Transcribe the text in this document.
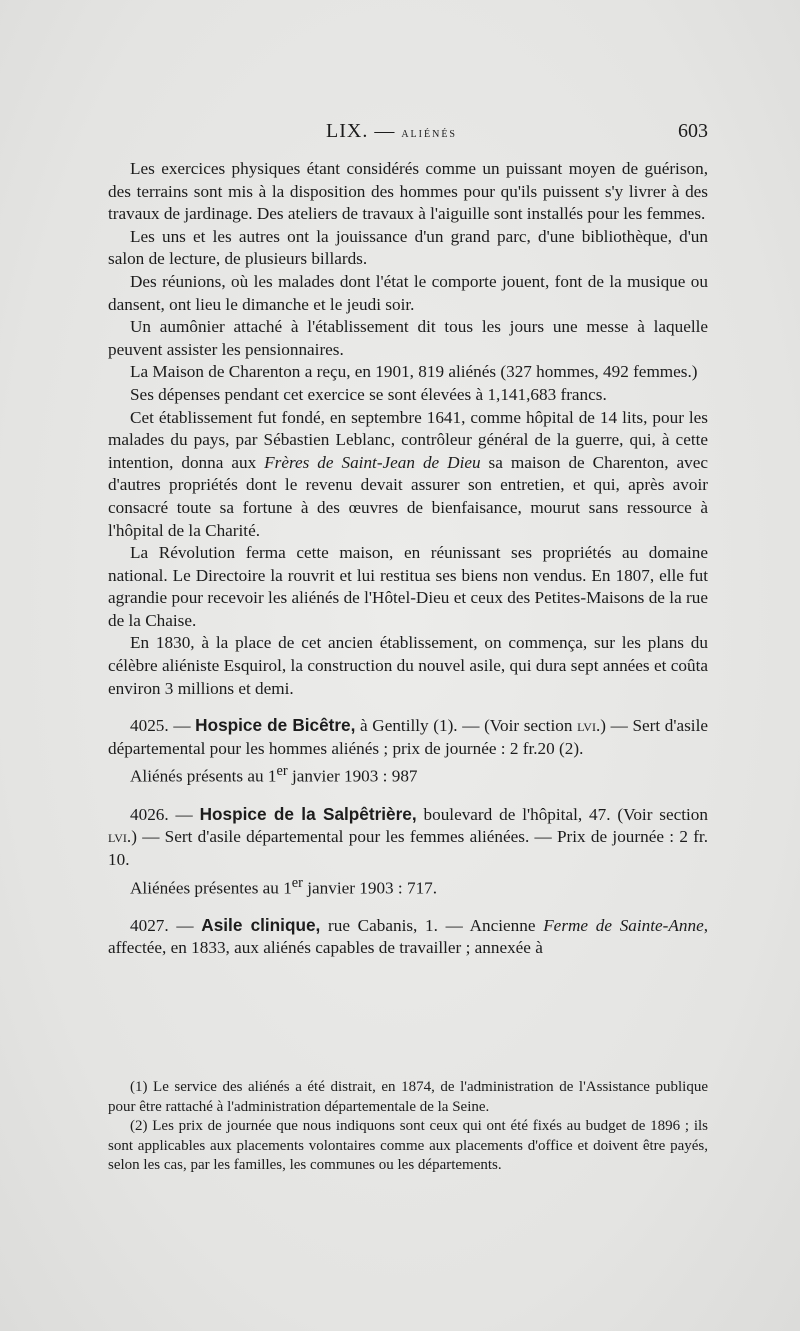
LIX. — aliénés	603

Les exercices physiques étant considérés comme un puissant moyen de guérison, des terrains sont mis à la disposition des hommes pour qu'ils puissent s'y livrer à des travaux de jardinage. Des ateliers de travaux à l'aiguille sont installés pour les femmes.

Les uns et les autres ont la jouissance d'un grand parc, d'une bibliothèque, d'un salon de lecture, de plusieurs billards.

Des réunions, où les malades dont l'état le comporte jouent, font de la musique ou dansent, ont lieu le dimanche et le jeudi soir.

Un aumônier attaché à l'établissement dit tous les jours une messe à laquelle peuvent assister les pensionnaires.

La Maison de Charenton a reçu, en 1901, 819 aliénés (327 hommes, 492 femmes.)

Ses dépenses pendant cet exercice se sont élevées à 1,141,683 francs.

Cet établissement fut fondé, en septembre 1641, comme hôpital de 14 lits, pour les malades du pays, par Sébastien Leblanc, contrôleur général de la guerre, qui, à cette intention, donna aux Frères de Saint-Jean de Dieu sa maison de Charenton, avec d'autres propriétés dont le revenu devait assurer son entretien, et qui, après avoir consacré toute sa fortune à des œuvres de bienfaisance, mourut sans ressource à l'hôpital de la Charité.

La Révolution ferma cette maison, en réunissant ses propriétés au domaine national. Le Directoire la rouvrit et lui restitua ses biens non vendus. En 1807, elle fut agrandie pour recevoir les aliénés de l'Hôtel-Dieu et ceux des Petites-Maisons de la rue de la Chaise.

En 1830, à la place de cet ancien établissement, on commença, sur les plans du célèbre aliéniste Esquirol, la construction du nouvel asile, qui dura sept années et coûta environ 3 millions et demi.

4025. — Hospice de Bicêtre, à Gentilly (1). — (Voir section lvi.) — Sert d'asile départemental pour les hommes aliénés ; prix de journée : 2 fr.20 (2).

Aliénés présents au 1er janvier 1903 : 987

4026. — Hospice de la Salpêtrière, boulevard de l'hôpital, 47. (Voir section lvi.) — Sert d'asile départemental pour les femmes aliénées. — Prix de journée : 2 fr. 10.

Aliénées présentes au 1er janvier 1903 : 717.

4027. — Asile clinique, rue Cabanis, 1. — Ancienne Ferme de Sainte-Anne, affectée, en 1833, aux aliénés capables de travailler ; annexée à

(1) Le service des aliénés a été distrait, en 1874, de l'administration de l'Assistance publique pour être rattaché à l'administration départementale de la Seine.

(2) Les prix de journée que nous indiquons sont ceux qui ont été fixés au budget de 1896 ; ils sont applicables aux placements volontaires comme aux placements d'office et doivent être payés, selon les cas, par les familles, les communes ou les départements.
